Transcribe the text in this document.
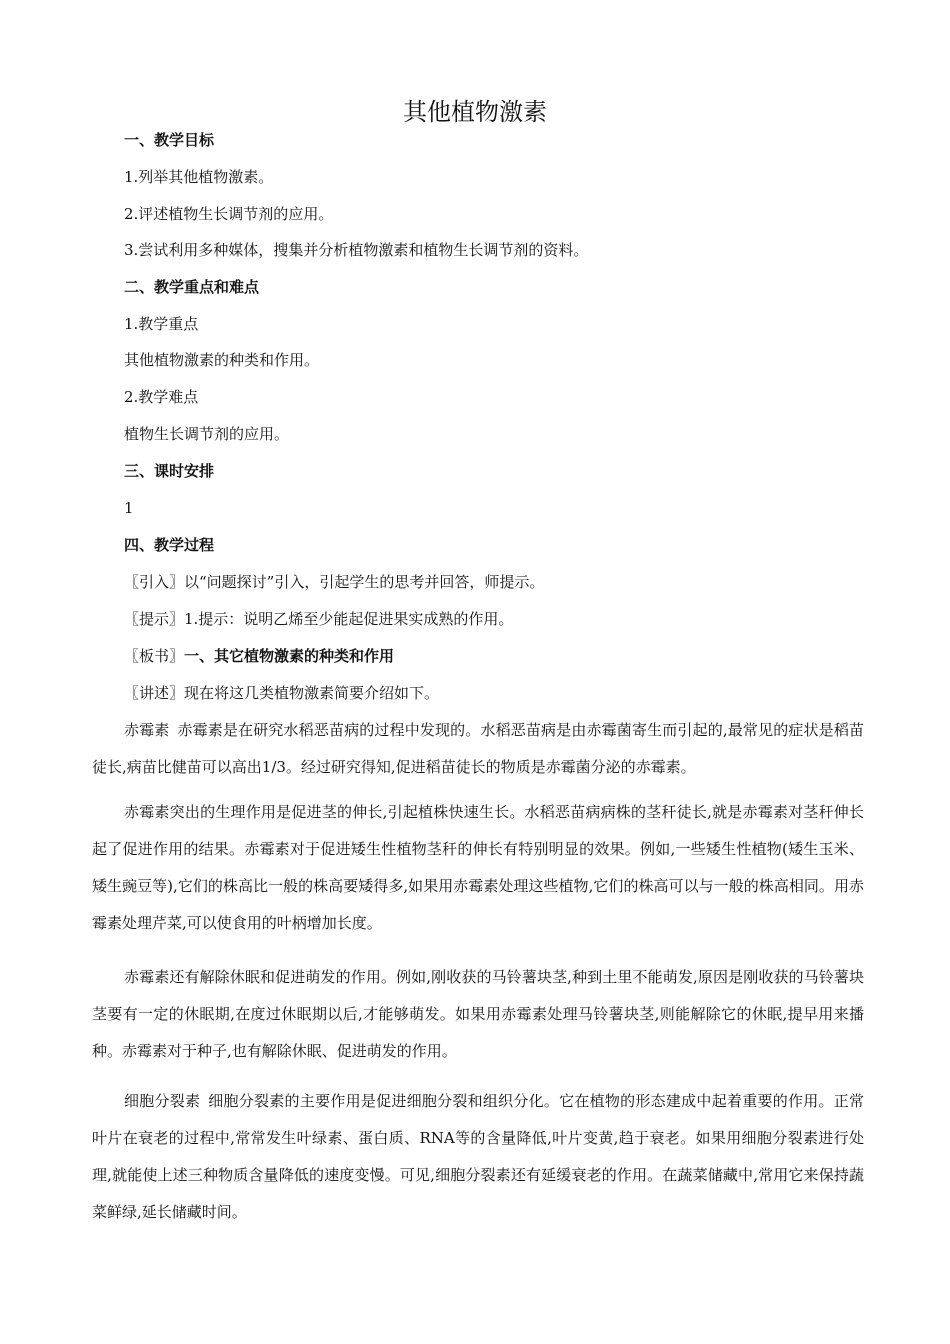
其他植物激素
一、教学目标
1.列举其他植物激素。
2.评述植物生长调节剂的应用。
3.尝试利用多种媒体，搜集并分析植物激素和植物生长调节剂的资料。
二、教学重点和难点
1.教学重点
其他植物激素的种类和作用。
2.教学难点
植物生长调节剂的应用。
三、课时安排
1
四、教学过程
〖引入〗以“问题探讨”引入，引起学生的思考并回答，师提示。
〖提示〗1.提示：说明乙烯至少能起促进果实成熟的作用。
〖板书〗一、其它植物激素的种类和作用
〖讲述〗现在将这几类植物激素简要介绍如下。
赤霉素 赤霉素是在研究水稻恶苗病的过程中发现的。水稻恶苗病是由赤霉菌寄生而引起的,最常见的症状是稻苗徒长,病苗比健苗可以高出1/3。经过研究得知,促进稻苗徒长的物质是赤霉菌分泌的赤霉素。
赤霉素突出的生理作用是促进茎的伸长,引起植株快速生长。水稻恶苗病病株的茎秆徒长,就是赤霉素对茎秆伸长起了促进作用的结果。赤霉素对于促进矮生性植物茎秆的伸长有特别明显的效果。例如,一些矮生性植物(矮生玉米、矮生豌豆等),它们的株高比一般的株高要矮得多,如果用赤霉素处理这些植物,它们的株高可以与一般的株高相同。用赤霉素处理芹菜,可以使食用的叶柄增加长度。
赤霉素还有解除休眠和促进萌发的作用。例如,刚收获的马铃薯块茎,种到土里不能萌发,原因是刚收获的马铃薯块茎要有一定的休眠期,在度过休眠期以后,才能够萌发。如果用赤霉素处理马铃薯块茎,则能解除它的休眠,提早用来播种。赤霉素对于种子,也有解除休眠、促进萌发的作用。
细胞分裂素 细胞分裂素的主要作用是促进细胞分裂和组织分化。它在植物的形态建成中起着重要的作用。正常叶片在衰老的过程中,常常发生叶绿素、蛋白质、RNA等的含量降低,叶片变黄,趋于衰老。如果用细胞分裂素进行处理,就能使上述三种物质含量降低的速度变慢。可见,细胞分裂素还有延缓衰老的作用。在蔬菜储藏中,常用它来保持蔬菜鲜绿,延长储藏时间。
